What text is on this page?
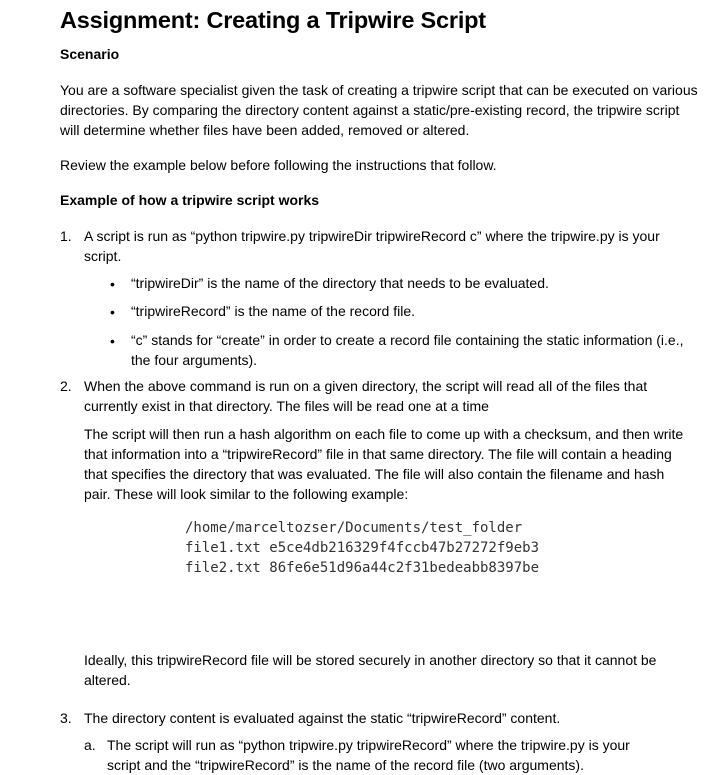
Assignment: Creating a Tripwire Script

Scenario

You are a software specialist given the task of creating a tripwire script that can be executed on various directories. By comparing the directory content against a static/pre-existing record, the tripwire script will determine whether files have been added, removed or altered.

Review the example below before following the instructions that follow.

Example of how a tripwire script works

1. A script is run as “python tripwire.py tripwireDir tripwireRecord c” where the tripwire.py is your script.

• “tripwireDir” is the name of the directory that needs to be evaluated.

• “tripwireRecord” is the name of the record file.

• “c” stands for “create” in order to create a record file containing the static information (i.e., the four arguments).

2. When the above command is run on a given directory, the script will read all of the files that currently exist in that directory. The files will be read one at a time

The script will then run a hash algorithm on each file to come up with a checksum, and then write that information into a “tripwireRecord” file in that same directory. The file will contain a heading that specifies the directory that was evaluated. The file will also contain the filename and hash pair. These will look similar to the following example:

/home/marceltozser/Documents/test_folder
file1.txt e5ce4db216329f4fccb47b27272f9eb3
file2.txt 86fe6e51d96a44c2f31bedeabb8397be

Ideally, this tripwireRecord file will be stored securely in another directory so that it cannot be altered.

3. The directory content is evaluated against the static “tripwireRecord” content.

a. The script will run as “python tripwire.py tripwireRecord” where the tripwire.py is your script and the “tripwireRecord” is the name of the record file (two arguments).
